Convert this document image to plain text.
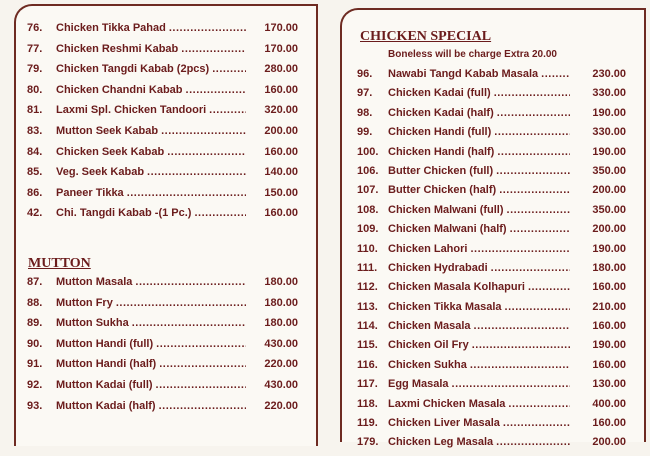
76.	Chicken Tikka Pahad .....	170.00
77.	Chicken Reshmi Kabab .....	170.00
79.	Chicken Tangdi Kabab (2pcs) .....	280.00
80.	Chicken Chandni Kabab .....	160.00
81.	Laxmi Spl. Chicken Tandoori .....	320.00
83.	Mutton Seek Kabab .....	200.00
84.	Chicken Seek Kabab .....	160.00
85.	Veg. Seek Kabab .....	140.00
86.	Paneer Tikka .....	150.00
42.	Chi. Tangdi Kabab -(1 Pc.) .....	160.00
MUTTON
87.	Mutton Masala .....	180.00
88.	Mutton Fry .....	180.00
89.	Mutton Sukha .....	180.00
90.	Mutton Handi (full) .....	430.00
91.	Mutton Handi (half) .....	220.00
92.	Mutton Kadai (full) .....	430.00
93.	Mutton Kadai (half) .....	220.00
CHICKEN SPECIAL
Boneless will be charge Extra 20.00
96.	Nawabi Tangd Kabab Masala .....	230.00
97.	Chicken Kadai (full) .....	330.00
98.	Chicken Kadai (half) .....	190.00
99.	Chicken Handi (full) .....	330.00
100. Chicken Handi (half) .....	190.00
106. Butter Chicken (full) .....	350.00
107. Butter Chicken (half) .....	200.00
108. Chicken Malwani (full) .....	350.00
109. Chicken Malwani (half) .....	200.00
110. Chicken Lahori .....	190.00
111. Chicken Hydrabadi .....	180.00
112. Chicken Masala Kolhapuri .....	160.00
113. Chicken Tikka Masala .....	210.00
114. Chicken Masala .....	160.00
115. Chicken Oil Fry .....	190.00
116. Chicken Sukha .....	160.00
117. Egg Masala .....	130.00
118. Laxmi Chicken Masala .....	400.00
119. Chicken Liver Masala .....	160.00
179. Chicken Leg Masala .....	200.00
